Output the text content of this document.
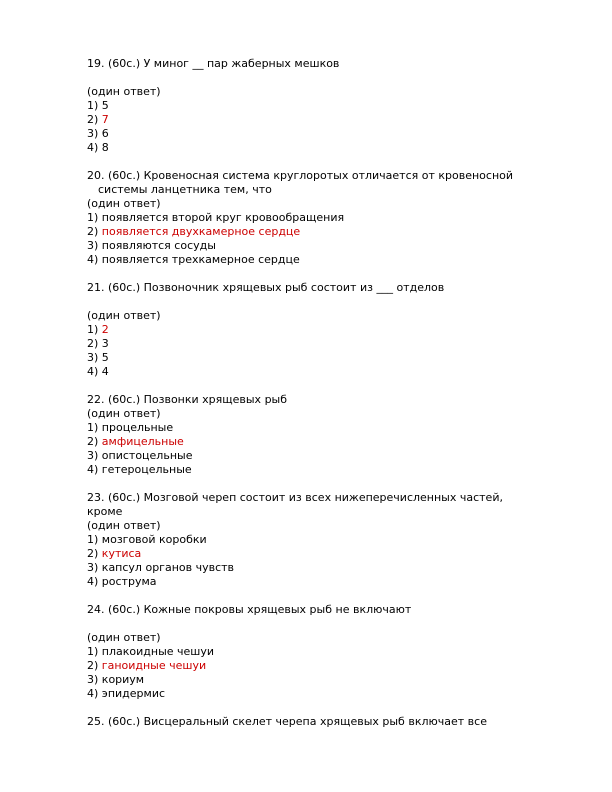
19. (60с.) У миног __ пар жаберных мешков
(один ответ)
1) 5
2) 7
3) 6
4) 8
20. (60с.) Кровеносная система круглоротых отличается от кровеносной
системы ланцетника тем, что
(один ответ)
1) появляется второй круг кровообращения
2) появляется двухкамерное сердце
3) появляются сосуды
4) появляется трехкамерное сердце
21. (60с.) Позвоночник хрящевых рыб состоит из ___ отделов
(один ответ)
1) 2
2) 3
3) 5
4) 4
22. (60с.) Позвонки хрящевых рыб
(один ответ)
1) процельные
2) амфицельные
3) опистоцельные
4) гетероцельные
23. (60с.) Мозговой череп состоит из всех нижеперечисленных частей,
кроме
(один ответ)
1) мозговой коробки
2) кутиса
3) капсул органов чувств
4) рострума
24. (60с.) Кожные покровы хрящевых рыб не включают
(один ответ)
1) плакоидные чешуи
2) ганоидные чешуи
3) кориум
4) эпидермис
25. (60с.) Висцеральный скелет черепа хрящевых рыб включает все
